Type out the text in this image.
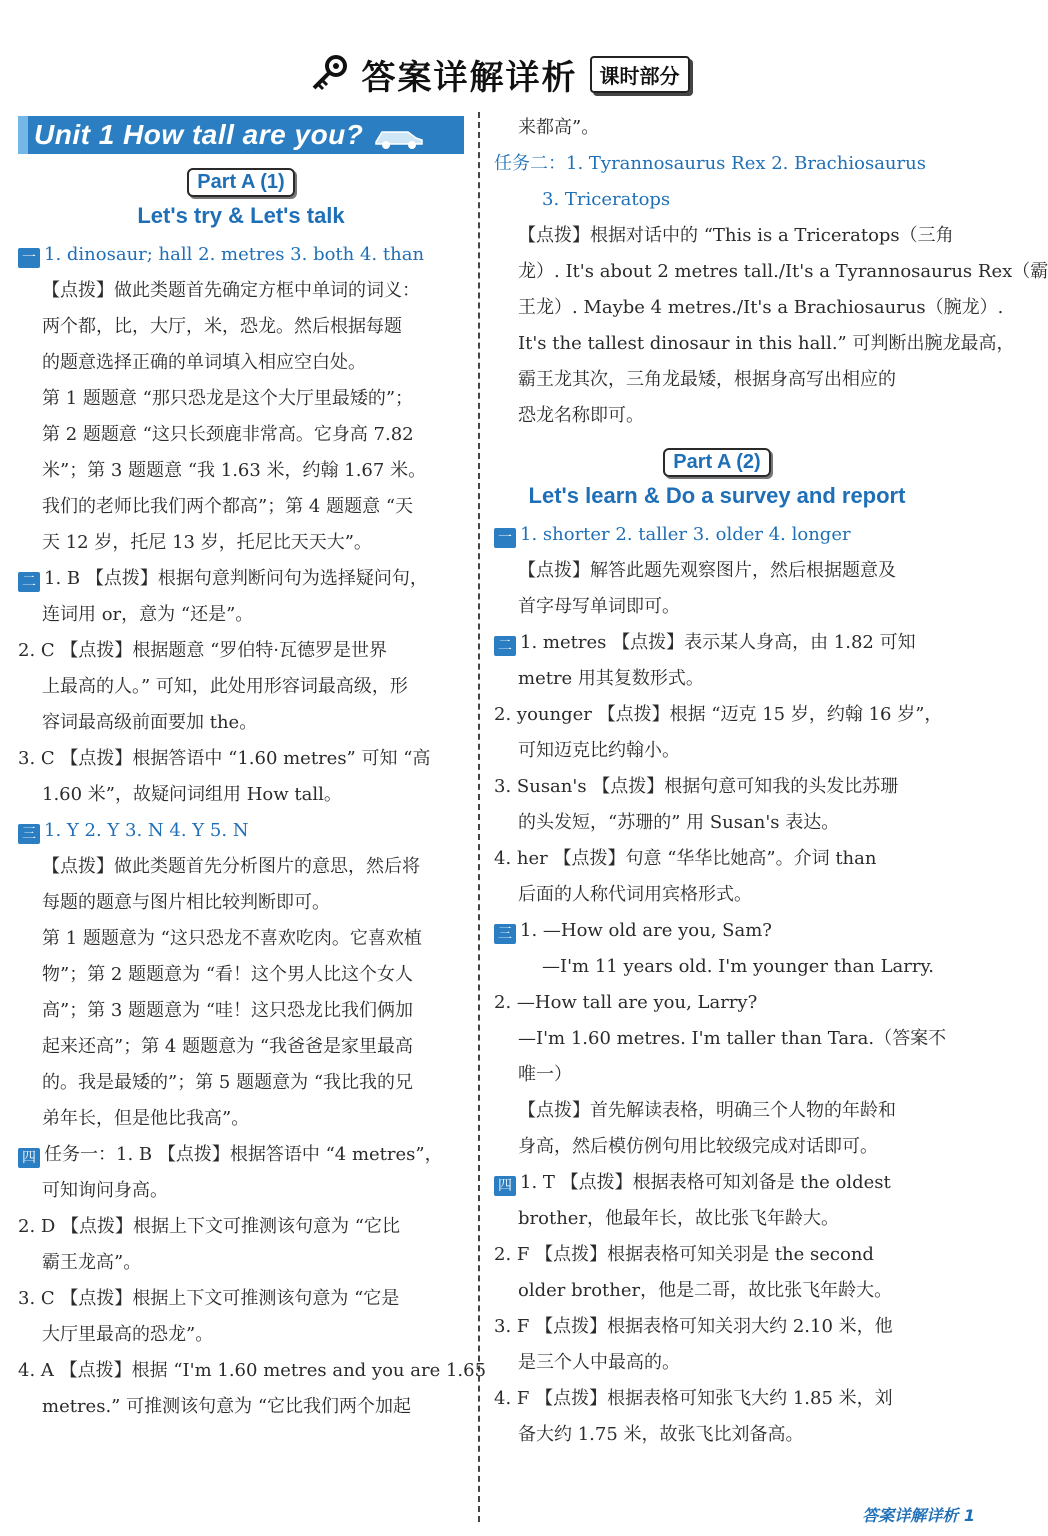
答案详解详析	课时部分
Unit 1 How tall are you?
Part A (1)
Let's try & Let's talk
一 1. dinosaur; hall 2. metres 3. both 4. than
【点拨】做此类题首先确定方框中单词的词义：
两个都，比，大厅，米，恐龙。然后根据每题
的题意选择正确的单词填入相应空白处。
第 1 题题意 “那只恐龙是这个大厅里最矮的”；
第 2 题题意 “这只长颈鹿非常高。它身高 7.82
米”；第 3 题题意 “我 1.63 米，约翰 1.67 米。
我们的老师比我们两个都高”；第 4 题题意 “天
天 12 岁，托尼 13 岁，托尼比天天大”。
二 1. B 【点拨】根据句意判断问句为选择疑问句，
连词用 or，意为 “还是”。
2. C 【点拨】根据题意 “罗伯特·瓦德罗是世界
上最高的人。” 可知，此处用形容词最高级，形
容词最高级前面要加 the。
3. C 【点拨】根据答语中 “1.60 metres” 可知 “高
1.60 米”，故疑问词组用 How tall。
三 1. Y 2. Y 3. N 4. Y 5. N
【点拨】做此类题首先分析图片的意思，然后将
每题的题意与图片相比较判断即可。
第 1 题题意为 “这只恐龙不喜欢吃肉。它喜欢植
物”；第 2 题题意为 “看！这个男人比这个女人
高”；第 3 题题意为 “哇！这只恐龙比我们俩加
起来还高”；第 4 题题意为 “我爸爸是家里最高
的。我是最矮的”；第 5 题题意为 “我比我的兄
弟年长，但是他比我高”。
四 任务一：1. B 【点拨】根据答语中 “4 metres”，
可知询问身高。
2. D 【点拨】根据上下文可推测该句意为 “它比
霸王龙高”。
3. C 【点拨】根据上下文可推测该句意为 “它是
大厅里最高的恐龙”。
4. A 【点拨】根据 “I'm 1.60 metres and you are 1.65
metres.” 可推测该句意为 “它比我们两个加起
来都高”。
任务二：1. Tyrannosaurus Rex 2. Brachiosaurus
3. Triceratops
【点拨】根据对话中的 “This is a Triceratops（三角
龙）. It's about 2 metres tall./It's a Tyrannosaurus Rex（霸
王龙）. Maybe 4 metres./It's a Brachiosaurus（腕龙）.
It's the tallest dinosaur in this hall.” 可判断出腕龙最高，
霸王龙其次，三角龙最矮，根据身高写出相应的
恐龙名称即可。
Part A (2)
Let's learn & Do a survey and report
一 1. shorter 2. taller 3. older 4. longer
【点拨】解答此题先观察图片，然后根据题意及
首字母写单词即可。
二 1. metres 【点拨】表示某人身高，由 1.82 可知
metre 用其复数形式。
2. younger 【点拨】根据 “迈克 15 岁，约翰 16 岁”，
可知迈克比约翰小。
3. Susan's 【点拨】根据句意可知我的头发比苏珊
的头发短，“苏珊的” 用 Susan's 表达。
4. her 【点拨】句意 “华华比她高”。介词 than
后面的人称代词用宾格形式。
三 1. —How old are you, Sam?
—I'm 11 years old. I'm younger than Larry.
2. —How tall are you, Larry?
—I'm 1.60 metres. I'm taller than Tara.（答案不
唯一）
【点拨】首先解读表格，明确三个人物的年龄和
身高，然后模仿例句用比较级完成对话即可。
四 1. T 【点拨】根据表格可知刘备是 the oldest
brother，他最年长，故比张飞年龄大。
2. F 【点拨】根据表格可知关羽是 the second
older brother，他是二哥，故比张飞年龄大。
3. F 【点拨】根据表格可知关羽大约 2.10 米，他
是三个人中最高的。
4. F 【点拨】根据表格可知张飞大约 1.85 米，刘
备大约 1.75 米，故张飞比刘备高。
答案详解详析 1
